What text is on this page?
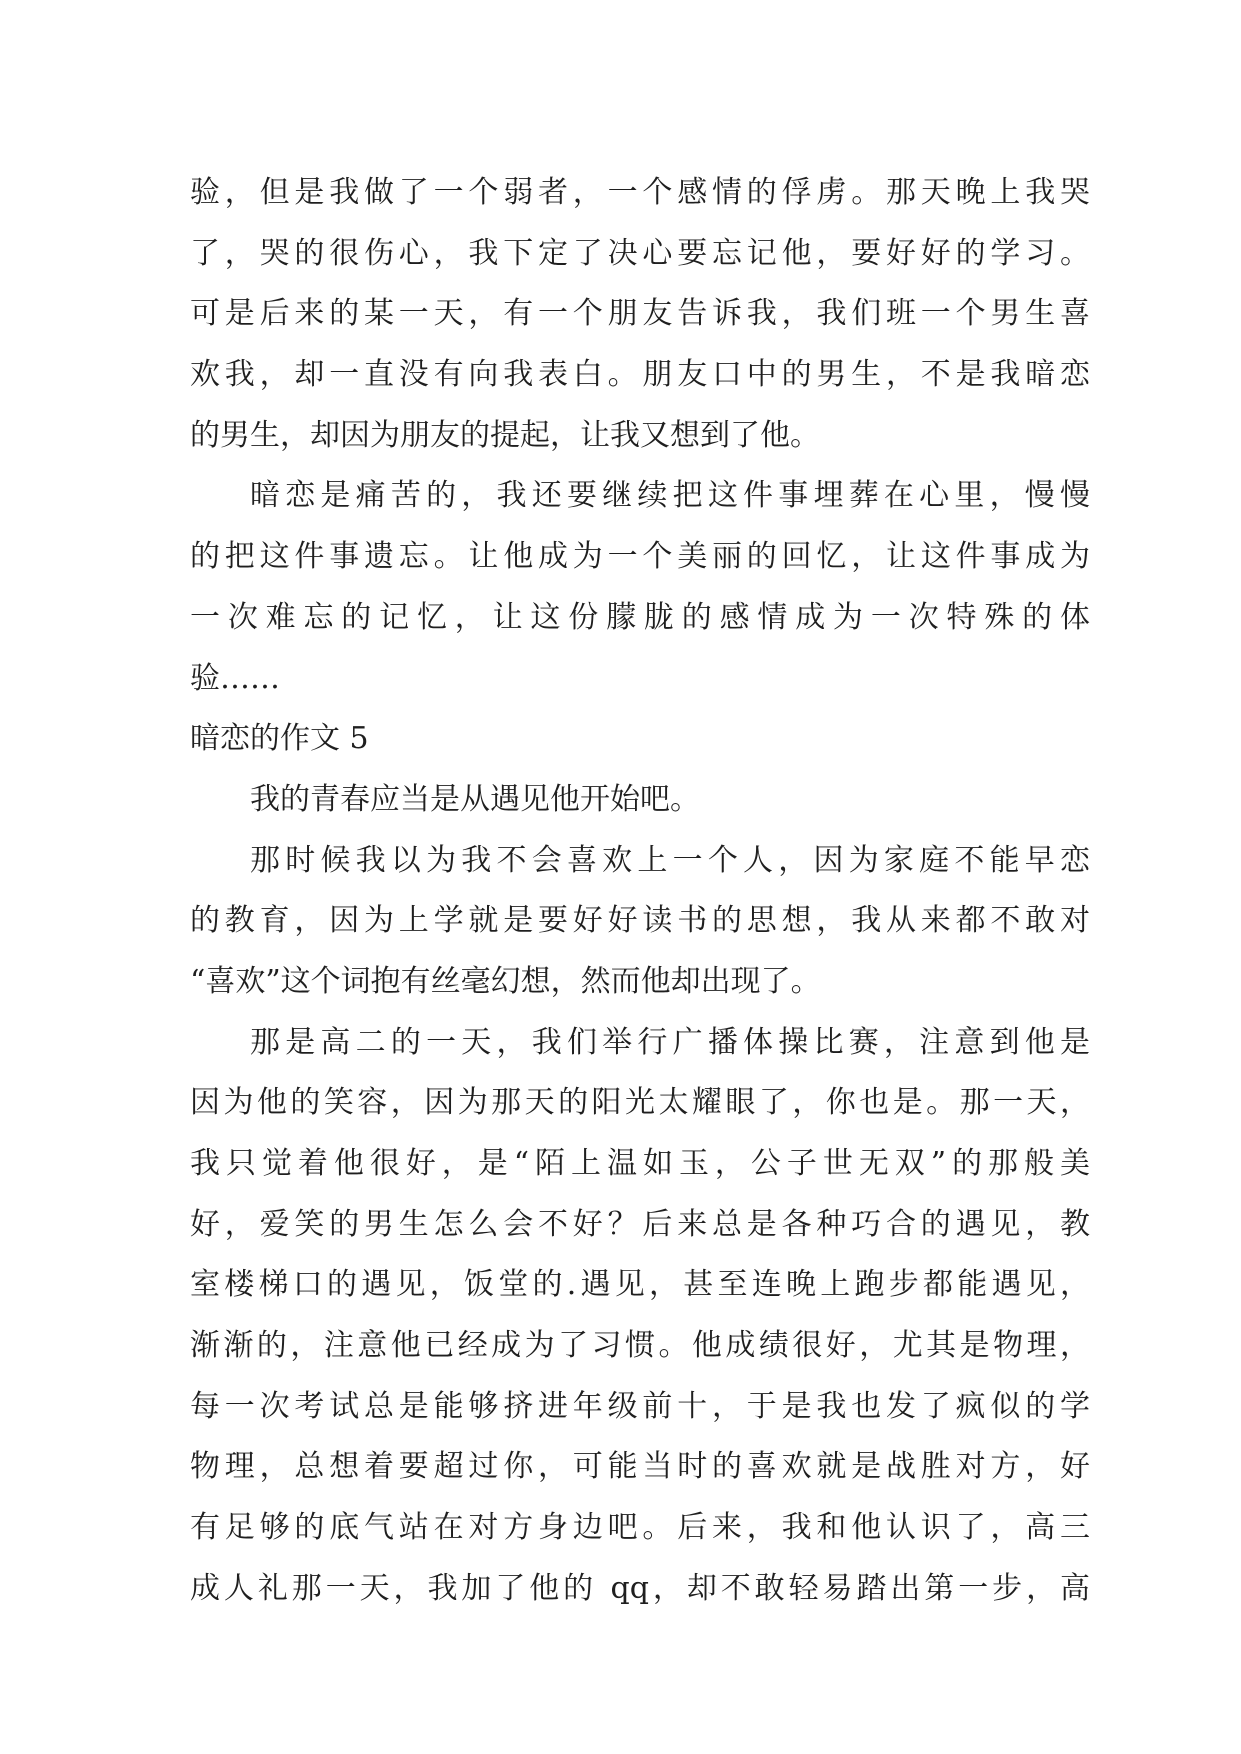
验，但是我做了一个弱者，一个感情的俘虏。那天晚上我哭
了，哭的很伤心，我下定了决心要忘记他，要好好的学习。
可是后来的某一天，有一个朋友告诉我，我们班一个男生喜
欢我，却一直没有向我表白。朋友口中的男生，不是我暗恋
的男生，却因为朋友的提起，让我又想到了他。
暗恋是痛苦的，我还要继续把这件事埋葬在心里，慢慢
的把这件事遗忘。让他成为一个美丽的回忆，让这件事成为
一次难忘的记忆，让这份朦胧的感情成为一次特殊的体
验……
暗恋的作文 5
我的青春应当是从遇见他开始吧。
那时候我以为我不会喜欢上一个人，因为家庭不能早恋
的教育，因为上学就是要好好读书的思想，我从来都不敢对
“喜欢”这个词抱有丝毫幻想，然而他却出现了。
那是高二的一天，我们举行广播体操比赛，注意到他是
因为他的笑容，因为那天的阳光太耀眼了，你也是。那一天，
我只觉着他很好，是“陌上温如玉，公子世无双”的那般美
好，爱笑的男生怎么会不好？后来总是各种巧合的遇见，教
室楼梯口的遇见，饭堂的.遇见，甚至连晚上跑步都能遇见，
渐渐的，注意他已经成为了习惯。他成绩很好，尤其是物理，
每一次考试总是能够挤进年级前十，于是我也发了疯似的学
物理，总想着要超过你，可能当时的喜欢就是战胜对方，好
有足够的底气站在对方身边吧。后来，我和他认识了，高三
成人礼那一天，我加了他的 qq，却不敢轻易踏出第一步，高
